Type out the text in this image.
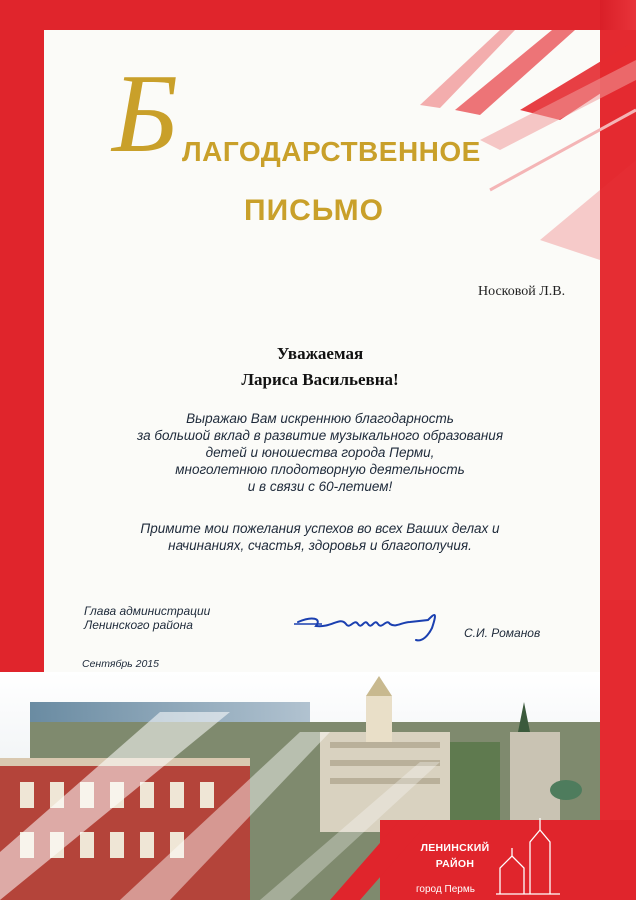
Б ЛАГОДАРСТВЕННОЕ
ПИСЬМО
Носковой Л.В.
Уважаемая
Лариса Васильевна!
Выражаю Вам искреннюю благодарность
за большой вклад в развитие музыкального образования
детей и юношества города Перми,
многолетнюю плодотворную деятельность
и в связи с 60-летием!
Примите мои пожелания успехов во всех Ваших делах и
начинаниях, счастья, здоровья и благополучия.
Глава администрации
Ленинского района
С.И. Романов
Сентябрь 2015
ЛЕНИНСКИЙ
РАЙОН
город Пермь
